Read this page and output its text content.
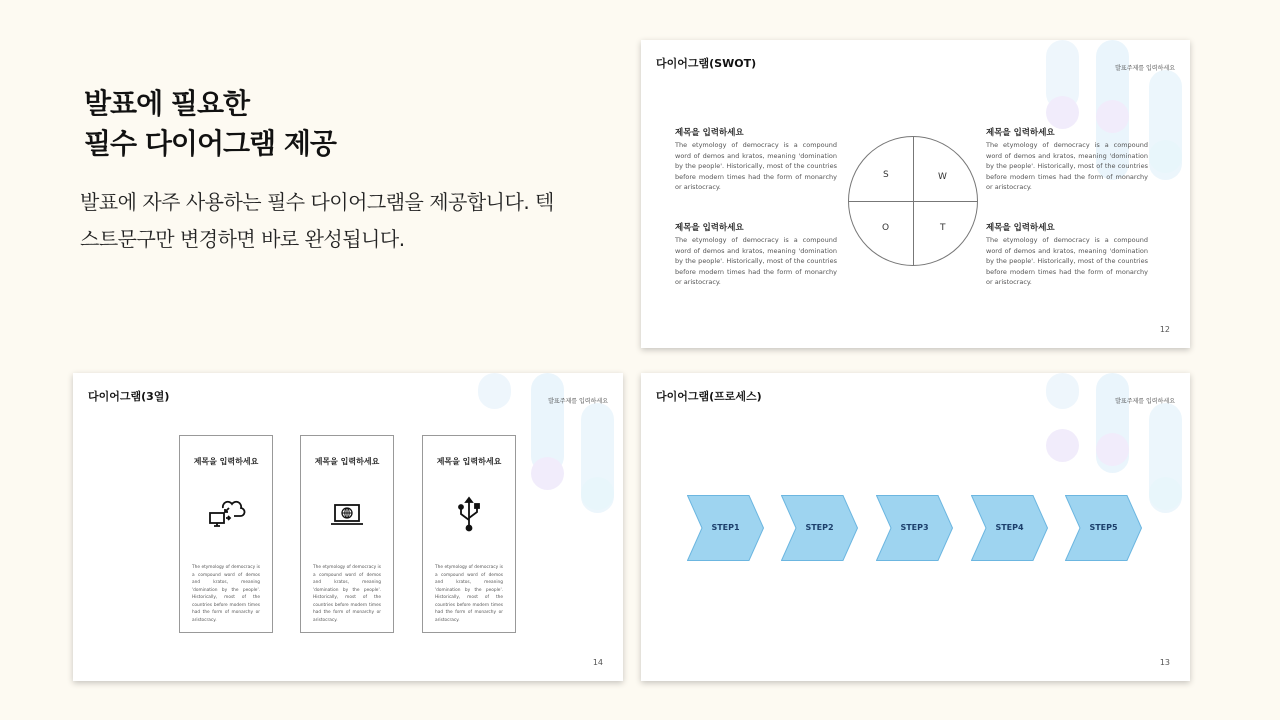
발표에 필요한
필수 다이어그램 제공
발표에 자주 사용하는 필수 다이어그램을 제공합니다. 텍
스트문구만 변경하면 바로 완성됩니다.
다이어그램(SWOT)	발표주제를 입력하세요
제목을 입력하세요
The etymology of democracy is a compound word of demos and kratos, meaning 'domination by the people'. Historically, most of the countries before modern times had the form of monarchy or aristocracy.
제목을 입력하세요
The etymology of democracy is a compound word of demos and kratos, meaning 'domination by the people'. Historically, most of the countries before modern times had the form of monarchy or aristocracy.
제목을 입력하세요
The etymology of democracy is a compound word of demos and kratos, meaning 'domination by the people'. Historically, most of the countries before modern times had the form of monarchy or aristocracy.
제목을 입력하세요
The etymology of democracy is a compound word of demos and kratos, meaning 'domination by the people'. Historically, most of the countries before modern times had the form of monarchy or aristocracy.
S	W
O	T
12
다이어그램(3열)	발표주제를 입력하세요
제목을 입력하세요
The etymology of democracy is a compound word of demos and kratos, meaning 'domination by the people'. Historically, most of the countries before modern times had the form of monarchy or aristocracy.
제목을 입력하세요
The etymology of democracy is a compound word of demos and kratos, meaning 'domination by the people'. Historically, most of the countries before modern times had the form of monarchy or aristocracy.
제목을 입력하세요
The etymology of democracy is a compound word of demos and kratos, meaning 'domination by the people'. Historically, most of the countries before modern times had the form of monarchy or aristocracy.
14
다이어그램(프로세스)	발표주제를 입력하세요
STEP1	STEP2	STEP3	STEP4	STEP5
13
